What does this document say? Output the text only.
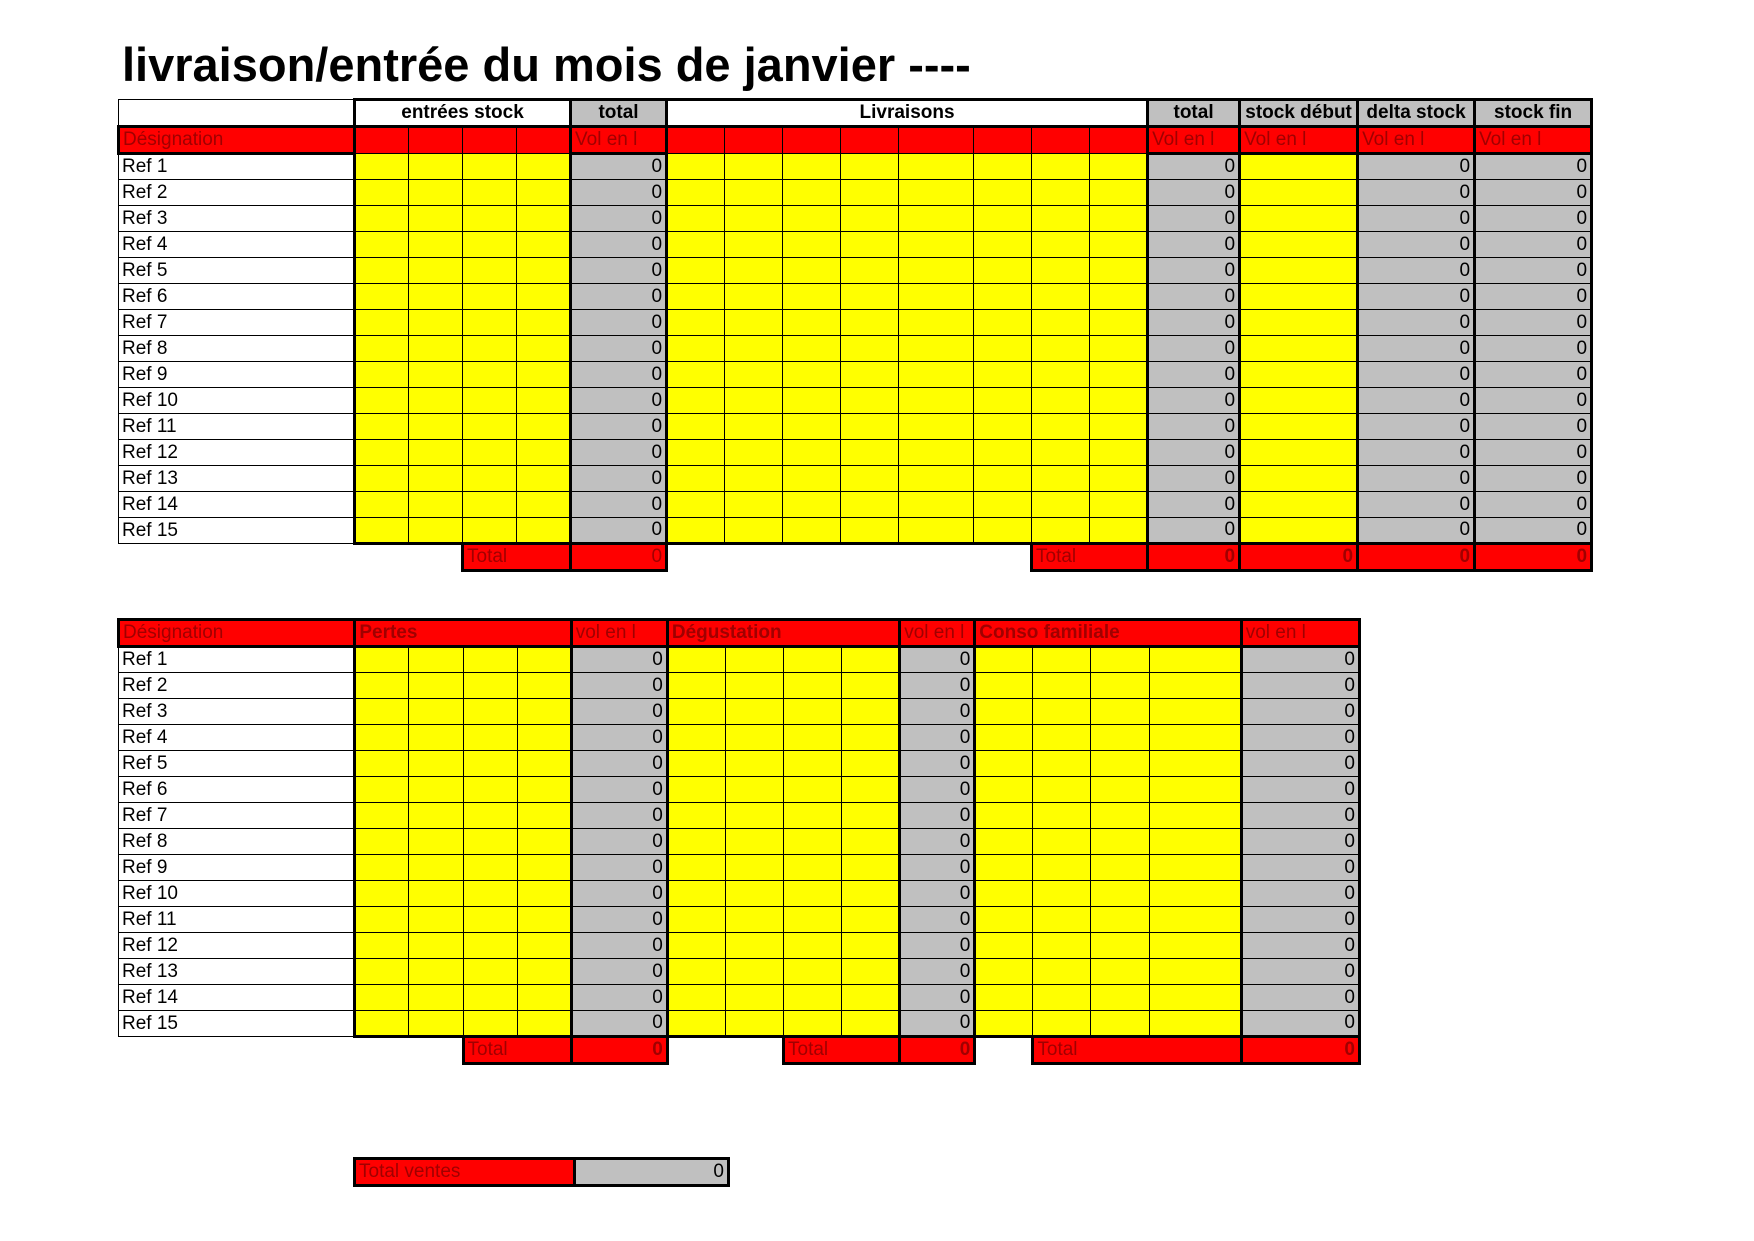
livraison/entrée du mois de janvier ----
	entrées stock				total	Livraisons								total	stock début	delta stock	stock fin
Désignation					Vol en l									Vol en l	Vol en l	Vol en l	Vol en l
Ref 1					0									0		0	0
Ref 2					0									0		0	0
Ref 3					0									0		0	0
Ref 4					0									0		0	0
Ref 5					0									0		0	0
Ref 6					0									0		0	0
Ref 7					0									0		0	0
Ref 8					0									0		0	0
Ref 9					0									0		0	0
Ref 10					0									0		0	0
Ref 11					0									0		0	0
Ref 12					0									0		0	0
Ref 13					0									0		0	0
Ref 14					0									0		0	0
Ref 15					0									0		0	0
			Total		0							Total		0	0	0	0
Désignation	Pertes				vol en l	Dégustation				vol en l	Conso familiale				vol en l
Ref 1					0					0					0
Ref 2					0					0					0
Ref 3					0					0					0
Ref 4					0					0					0
Ref 5					0					0					0
Ref 6					0					0					0
Ref 7					0					0					0
Ref 8					0					0					0
Ref 9					0					0					0
Ref 10					0					0					0
Ref 11					0					0					0
Ref 12					0					0					0
Ref 13					0					0					0
Ref 14					0					0					0
Ref 15					0					0					0
			Total		0			Total		0		Total			0
Total ventes	0
